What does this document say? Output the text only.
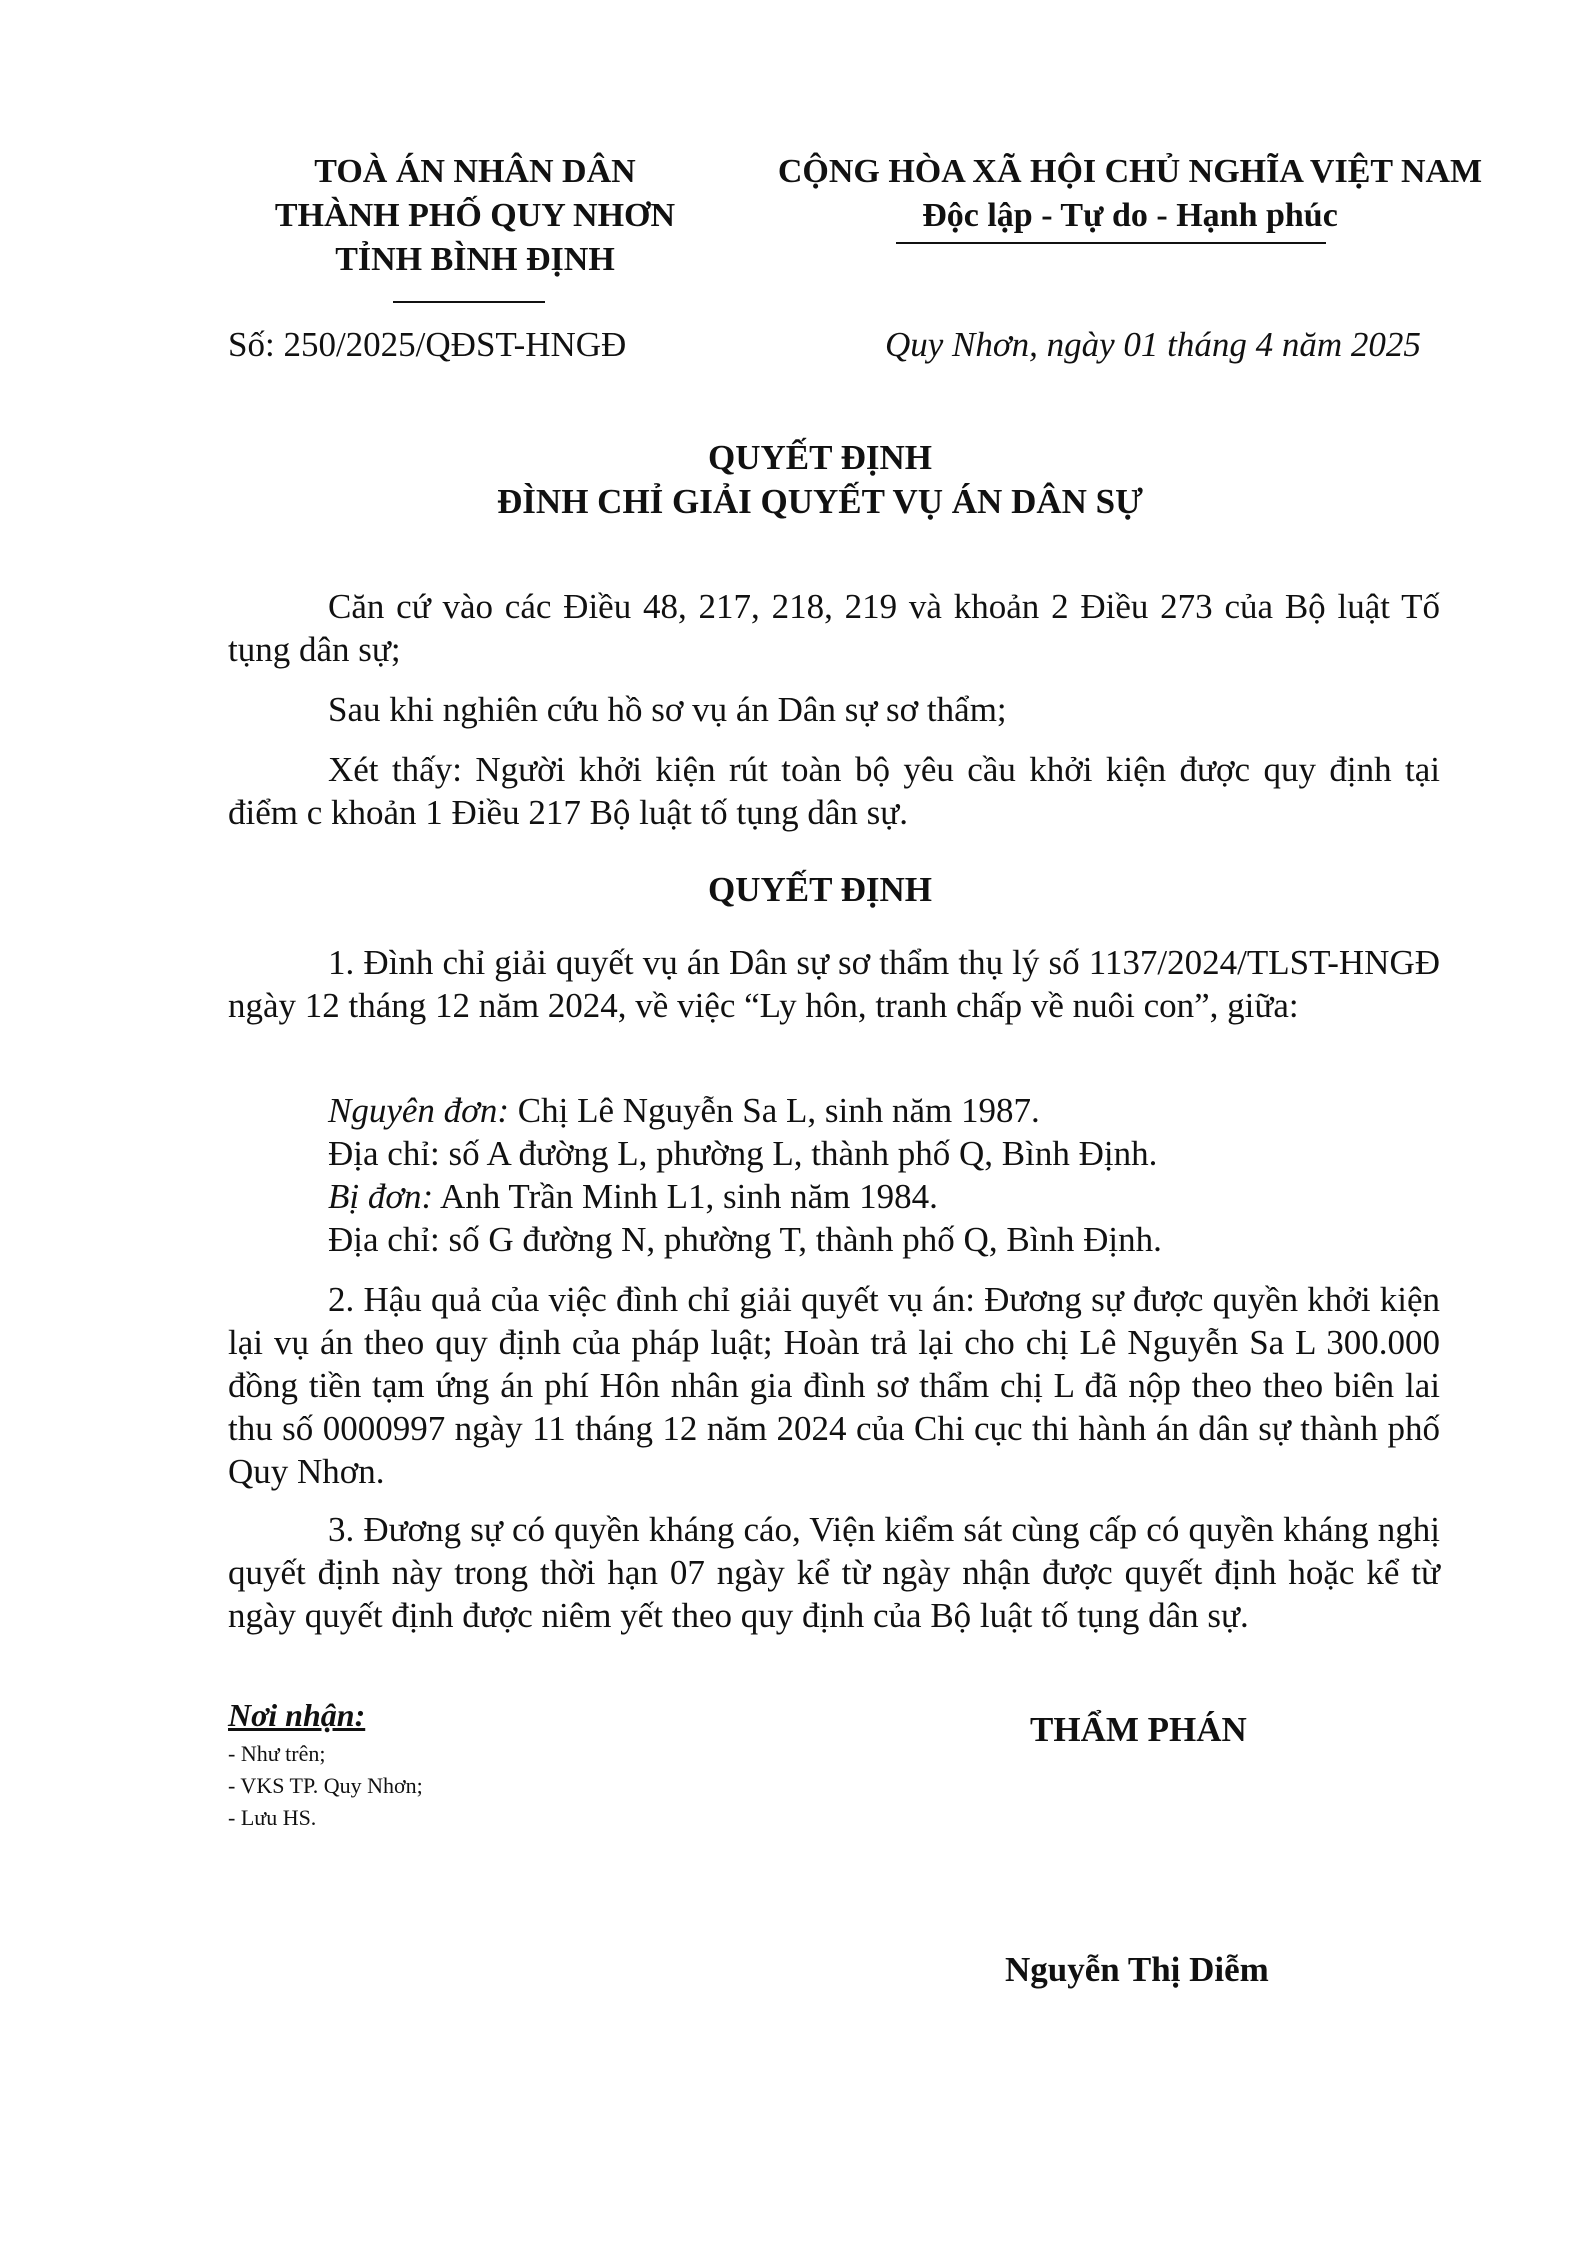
TOÀ ÁN NHÂN DÂN
THÀNH PHỐ QUY NHƠN
TỈNH BÌNH ĐỊNH
CỘNG HÒA XÃ HỘI CHỦ NGHĨA VIỆT NAM
Độc lập - Tự do - Hạnh phúc
Số: 250/2025/QĐST-HNGĐ	Quy Nhơn, ngày 01 tháng 4 năm 2025
QUYẾT ĐỊNH
ĐÌNH CHỈ GIẢI QUYẾT VỤ ÁN DÂN SỰ
Căn cứ vào các Điều 48, 217, 218, 219 và khoản 2 Điều 273 của Bộ luật Tố tụng dân sự;
Sau khi nghiên cứu hồ sơ vụ án Dân sự sơ thẩm;
Xét thấy: Người khởi kiện rút toàn bộ yêu cầu khởi kiện được quy định tại điểm c khoản 1 Điều 217 Bộ luật tố tụng dân sự.
QUYẾT ĐỊNH
1. Đình chỉ giải quyết vụ án Dân sự sơ thẩm thụ lý số 1137/2024/TLST-HNGĐ ngày 12 tháng 12 năm 2024, về việc “Ly hôn, tranh chấp về nuôi con”, giữa:
Nguyên đơn: Chị Lê Nguyễn Sa L, sinh năm 1987.
Địa chỉ: số A đường L, phường L, thành phố Q, Bình Định.
Bị đơn: Anh Trần Minh L1, sinh năm 1984.
Địa chỉ: số G đường N, phường T, thành phố Q, Bình Định.
2. Hậu quả của việc đình chỉ giải quyết vụ án: Đương sự được quyền khởi kiện lại vụ án theo quy định của pháp luật; Hoàn trả lại cho chị Lê Nguyễn Sa L 300.000 đồng tiền tạm ứng án phí Hôn nhân gia đình sơ thẩm chị L đã nộp theo theo biên lai thu số 0000997 ngày 11 tháng 12 năm 2024 của Chi cục thi hành án dân sự thành phố Quy Nhơn.
3. Đương sự có quyền kháng cáo, Viện kiểm sát cùng cấp có quyền kháng nghị quyết định này trong thời hạn 07 ngày kể từ ngày nhận được quyết định hoặc kể từ ngày quyết định được niêm yết theo quy định của Bộ luật tố tụng dân sự.
Nơi nhận:
- Như trên;
- VKS TP. Quy Nhơn;
- Lưu HS.
THẨM PHÁN
Nguyễn Thị Diễm
